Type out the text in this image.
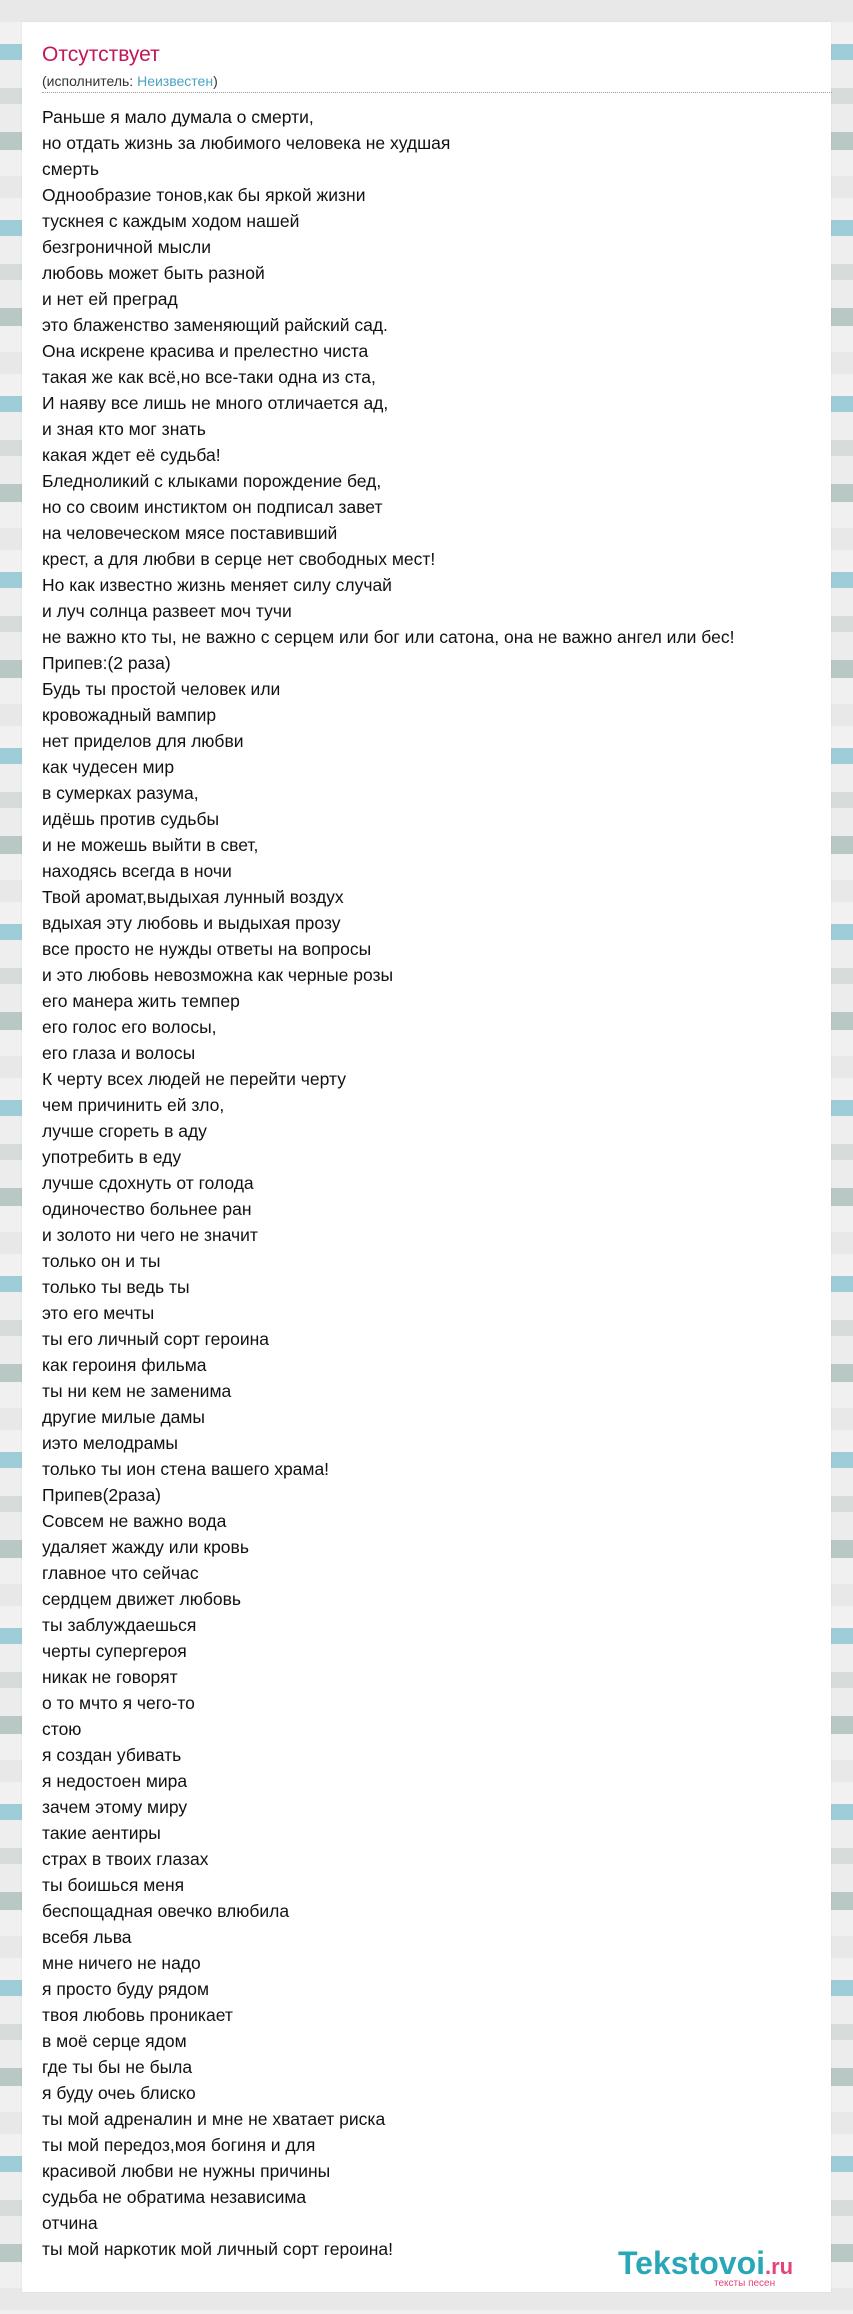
Отсутствует
(исполнитель: Неизвестен)
Раньше я мало думала о смерти,
но отдать жизнь за любимого человека не худшая
смерть
Однообразие тонов,как бы яркой жизни
тускнея с каждым ходом нашей
безгроничной мысли
любовь может быть разной
и нет ей преград
это блаженство заменяющий райский сад.
Она искрене красива и прелестно чиста
такая же как всё,но все-таки одна из ста,
И наяву все лишь не много отличается ад,
и зная кто мог знать
какая ждет её судьба!
Бледноликий с клыками порождение бед,
но со своим инстиктом он подписал завет
на человеческом мясе поставивший
крест, а для любви в серце нет свободных мест!
Но как известно жизнь меняет силу случай
и луч солнца развеет моч тучи
не важно кто ты, не важно с серцем или бог или сатона, она не важно ангел или бес!
Припев:(2 раза)
Будь ты простой человек или
кровожадный вампир
нет приделов для любви
как чудесен мир
в сумерках разума,
идёшь против судьбы
и не можешь выйти в свет,
находясь всегда в ночи
Твой аромат,выдыхая лунный воздух
вдыхая эту любовь и выдыхая прозу
все просто не нужды ответы на вопросы
и это любовь невозможна как черные розы
его манера жить темпер
его голос его волосы,
его глаза и волосы
К черту всех людей не перейти черту
чем причинить ей зло,
лучше сгореть в аду
употребить в еду
лучше сдохнуть от голода
одиночество больнее ран
и золото ни чего не значит
только он и ты
только ты ведь ты
это его мечты
ты его личный сорт героина
как героиня фильма
ты ни кем не заменима
другие милые дамы
иэто мелодрамы
только ты ион стена вашего храма!
Припев(2раза)
Совсем не важно вода
удаляет жажду или кровь
главное что сейчас
сердцем движет любовь
ты заблуждаешься
черты супергероя
никак не говорят
о то мчто я чего-то
стою
я создан убивать
я недостоен мира
зачем этому миру
такие аентиры
страх в твоих глазах
ты боишься меня
беспощадная овечко влюбила
всебя льва
мне ничего не надо
я просто буду рядом
твоя любовь проникает
в моё серце ядом
где ты бы не была
я буду очеь блиско
ты мой адреналин и мне не хватает риска
ты мой передоз,моя богиня и для
красивой любви не нужны причины
судьба не обратима независима
отчина
ты мой наркотик мой личный сорт героина!	Tekstovoi.ru
тексты песен
